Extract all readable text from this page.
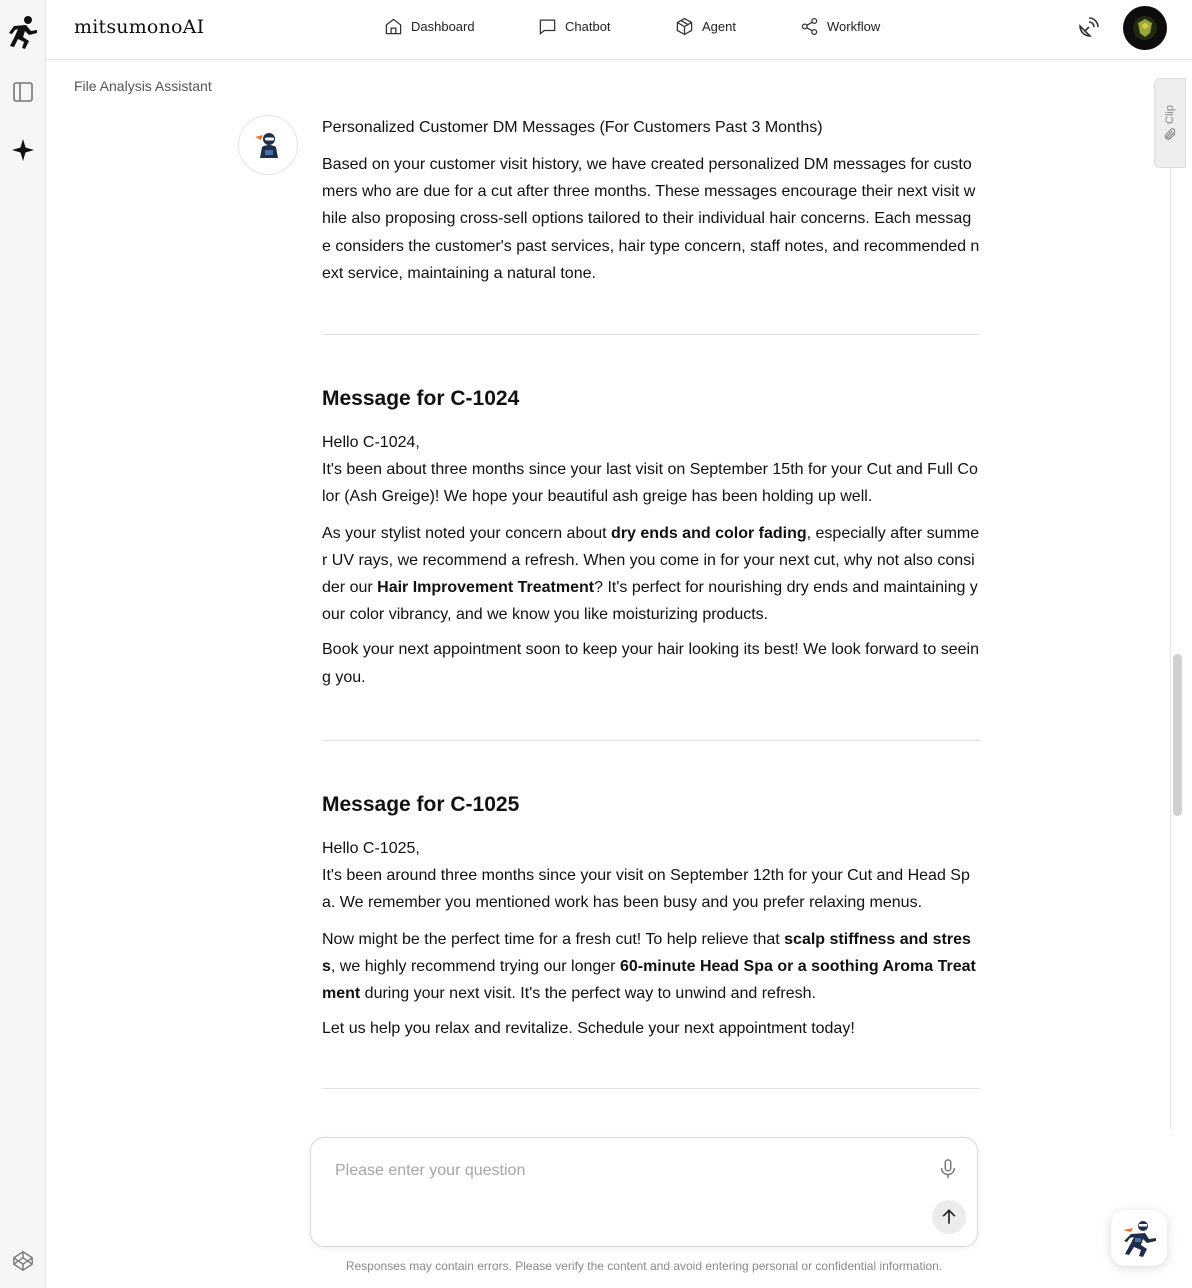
mitsumonoAI	Dashboard	Chatbot	Agent	Workflow
File Analysis Assistant
Clip
Personalized Customer DM Messages (For Customers Past 3 Months)

Based on your customer visit history, we have created personalized DM messages for customers who are due for a cut after three months. These messages encourage their next visit while also proposing cross-sell options tailored to their individual hair concerns. Each message considers the customer's past services, hair type concern, staff notes, and recommended next service, maintaining a natural tone.

Message for C-1024

Hello C-1024,
It's been about three months since your last visit on September 15th for your Cut and Full Color (Ash Greige)! We hope your beautiful ash greige has been holding up well.

As your stylist noted your concern about dry ends and color fading, especially after summer UV rays, we recommend a refresh. When you come in for your next cut, why not also consider our Hair Improvement Treatment? It's perfect for nourishing dry ends and maintaining your color vibrancy, and we know you like moisturizing products.

Book your next appointment soon to keep your hair looking its best! We look forward to seeing you.

Message for C-1025

Hello C-1025,
It's been around three months since your visit on September 12th for your Cut and Head Spa. We remember you mentioned work has been busy and you prefer relaxing menus.

Now might be the perfect time for a fresh cut! To help relieve that scalp stiffness and stress, we highly recommend trying our longer 60-minute Head Spa or a soothing Aroma Treatment during your next visit. It's the perfect way to unwind and refresh.

Let us help you relax and revitalize. Schedule your next appointment today!

Please enter your question
Responses may contain errors. Please verify the content and avoid entering personal or confidential information.
